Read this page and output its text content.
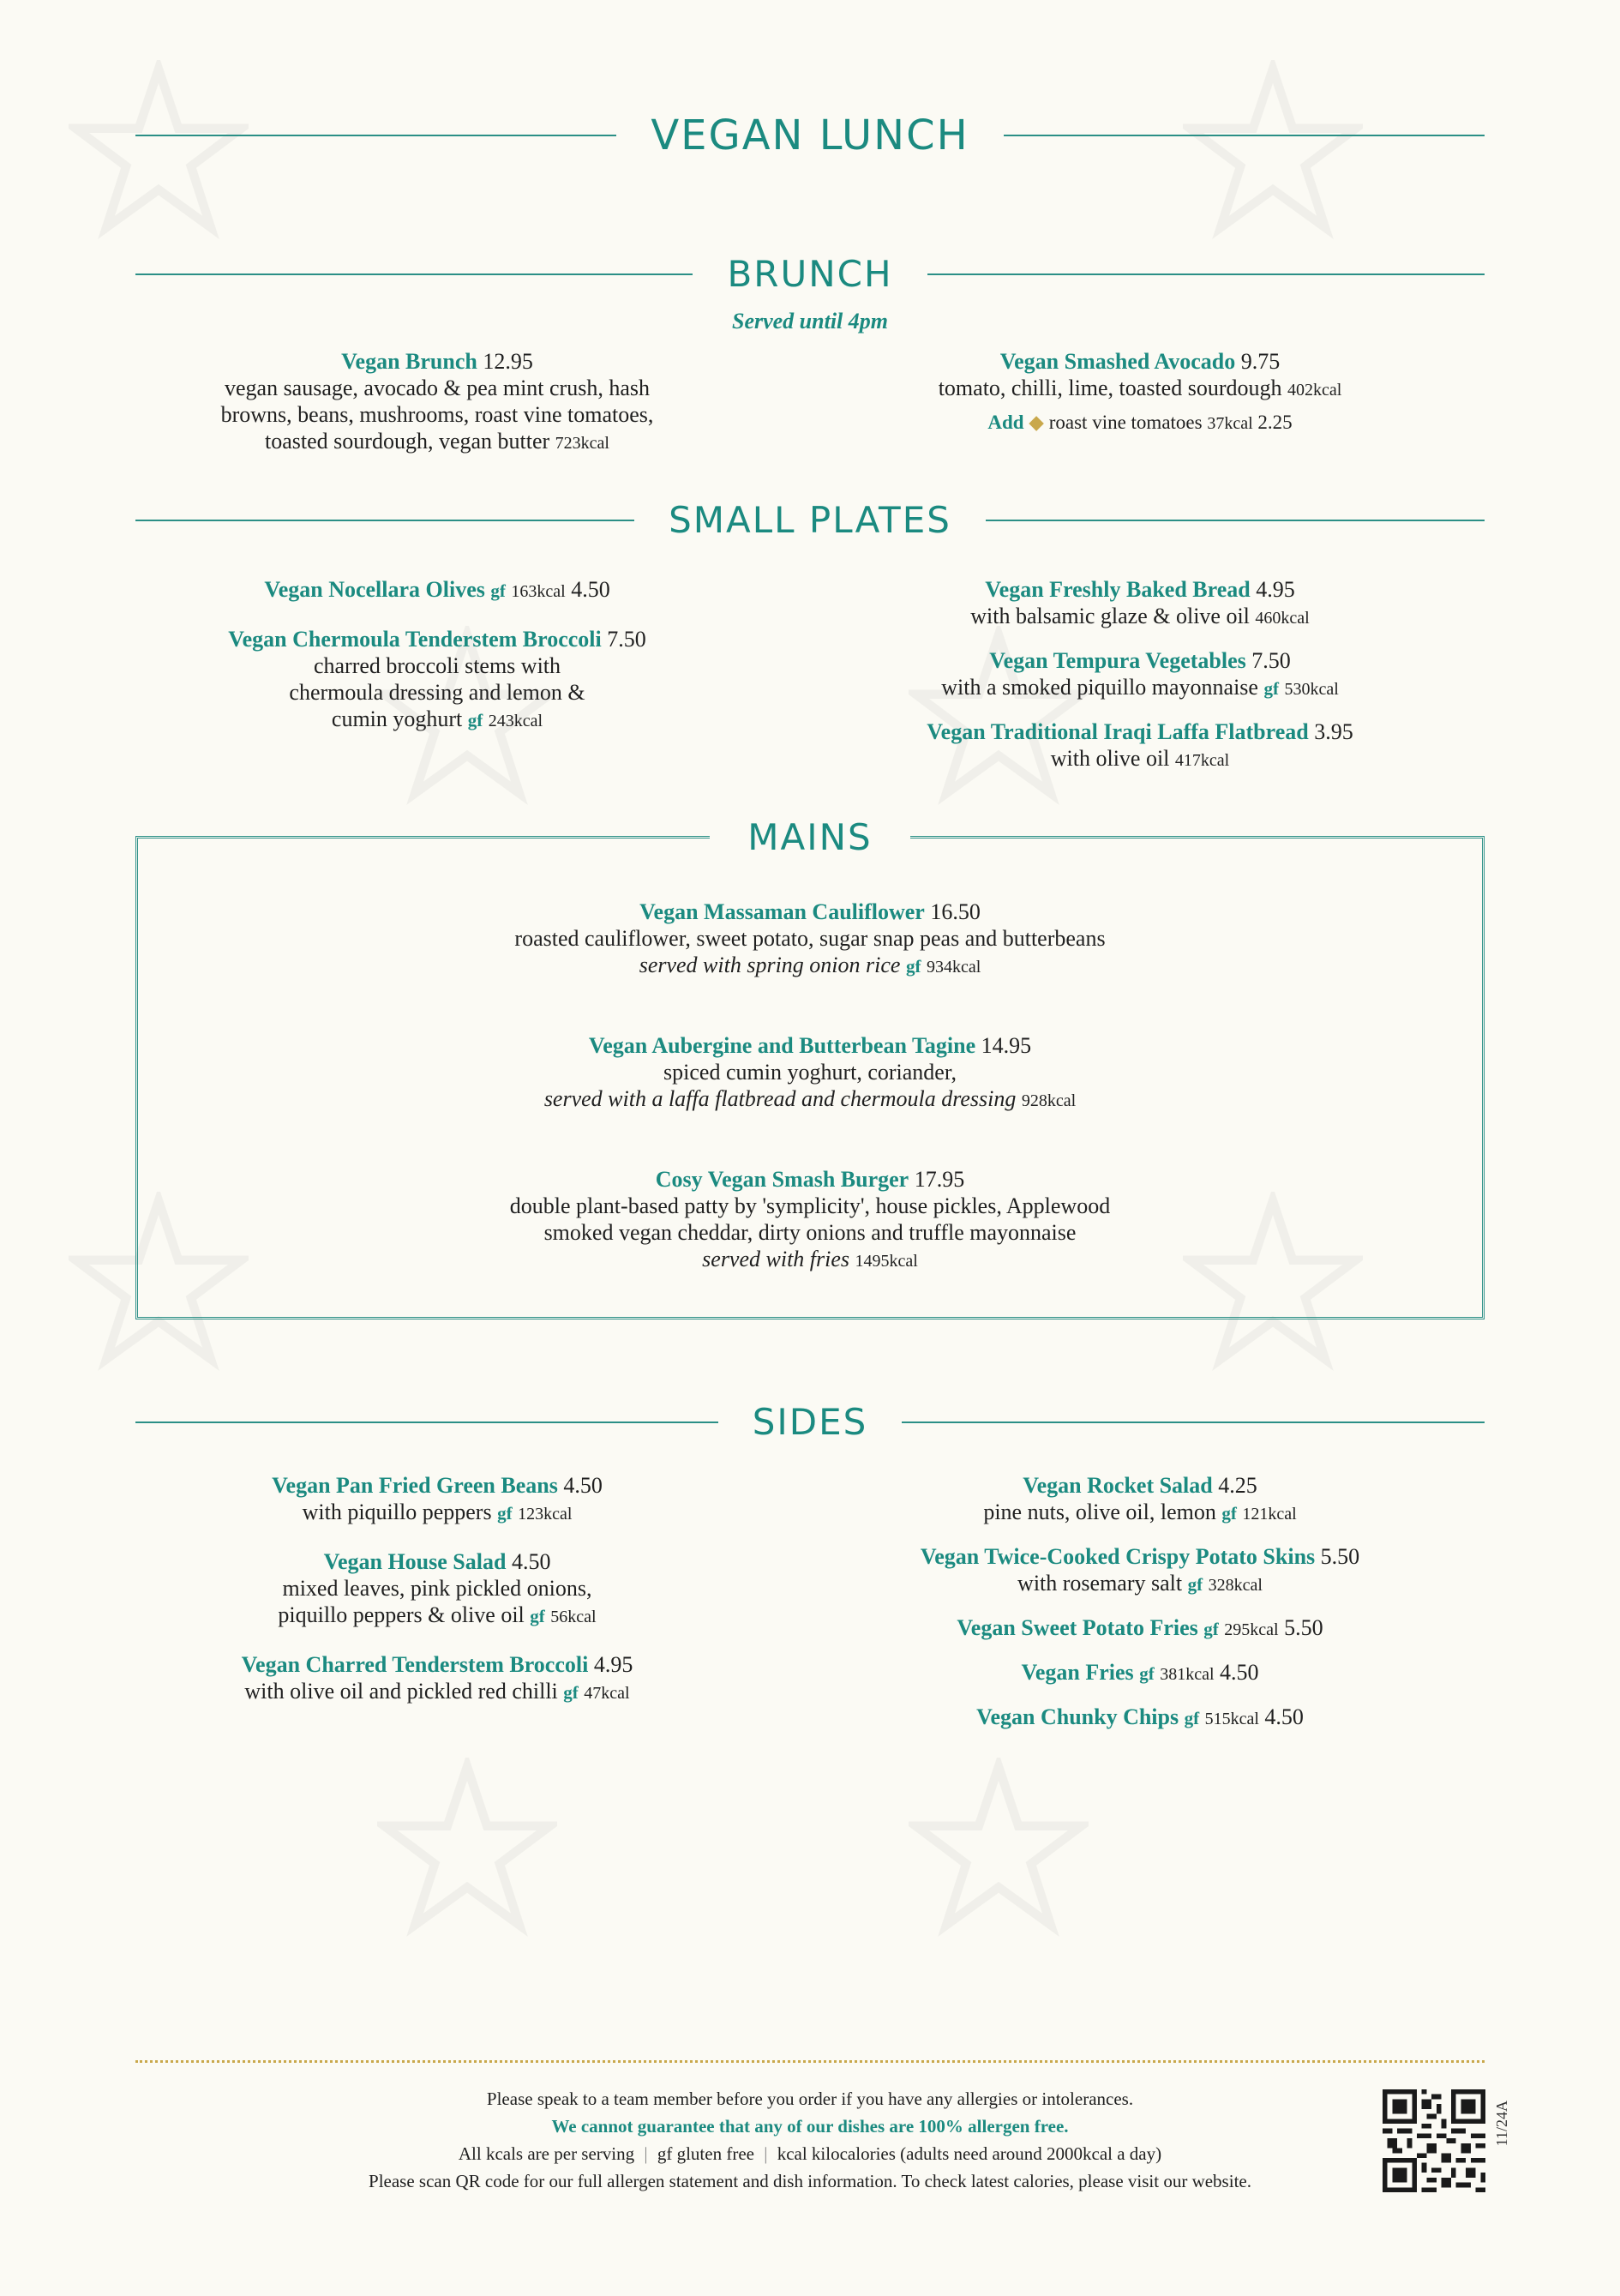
VEGAN LUNCH
BRUNCH
Served until 4pm
Vegan Brunch 12.95
vegan sausage, avocado & pea mint crush, hash browns, beans, mushrooms, roast vine tomatoes, toasted sourdough, vegan butter 723kcal
Vegan Smashed Avocado 9.75
tomato, chilli, lime, toasted sourdough 402kcal
Add ◆ roast vine tomatoes 37kcal 2.25
SMALL PLATES
Vegan Nocellara Olives gf 163kcal 4.50
Vegan Chermoula Tenderstem Broccoli 7.50

charred broccoli stems with chermoula dressing and lemon & cumin yoghurt gf 243kcal
Vegan Freshly Baked Bread 4.95
with balsamic glaze & olive oil 460kcal
Vegan Tempura Vegetables 7.50
with a smoked piquillo mayonnaise gf 530kcal
Vegan Traditional Iraqi Laffa Flatbread 3.95
with olive oil 417kcal
MAINS
Vegan Massaman Cauliflower 16.50
roasted cauliflower, sweet potato, sugar snap peas and butterbeans
served with spring onion rice gf 934kcal
Vegan Aubergine and Butterbean Tagine 14.95
spiced cumin yoghurt, coriander,
served with a laffa flatbread and chermoula dressing 928kcal
Cosy Vegan Smash Burger 17.95
double plant-based patty by 'symplicity', house pickles, Applewood
smoked vegan cheddar, dirty onions and truffle mayonnaise
served with fries 1495kcal
SIDES
Vegan Pan Fried Green Beans 4.50
with piquillo peppers gf 123kcal
Vegan House Salad 4.50

mixed leaves, pink pickled onions, piquillo peppers & olive oil gf 56kcal
Vegan Charred Tenderstem Broccoli 4.95
with olive oil and pickled red chilli gf 47kcal
Vegan Rocket Salad 4.25
pine nuts, olive oil, lemon gf 121kcal
Vegan Twice-Cooked Crispy Potato Skins 5.50
with rosemary salt gf 328kcal
Vegan Sweet Potato Fries gf 295kcal 5.50
Vegan Fries gf 381kcal 4.50
Vegan Chunky Chips gf 515kcal 4.50
Please speak to a team member before you order if you have any allergies or intolerances.
We cannot guarantee that any of our dishes are 100% allergen free.
All kcals are per serving | gf gluten free | kcal kilocalories (adults need around 2000kcal a day)
Please scan QR code for our full allergen statement and dish information. To check latest calories, please visit our website.
11/24A
